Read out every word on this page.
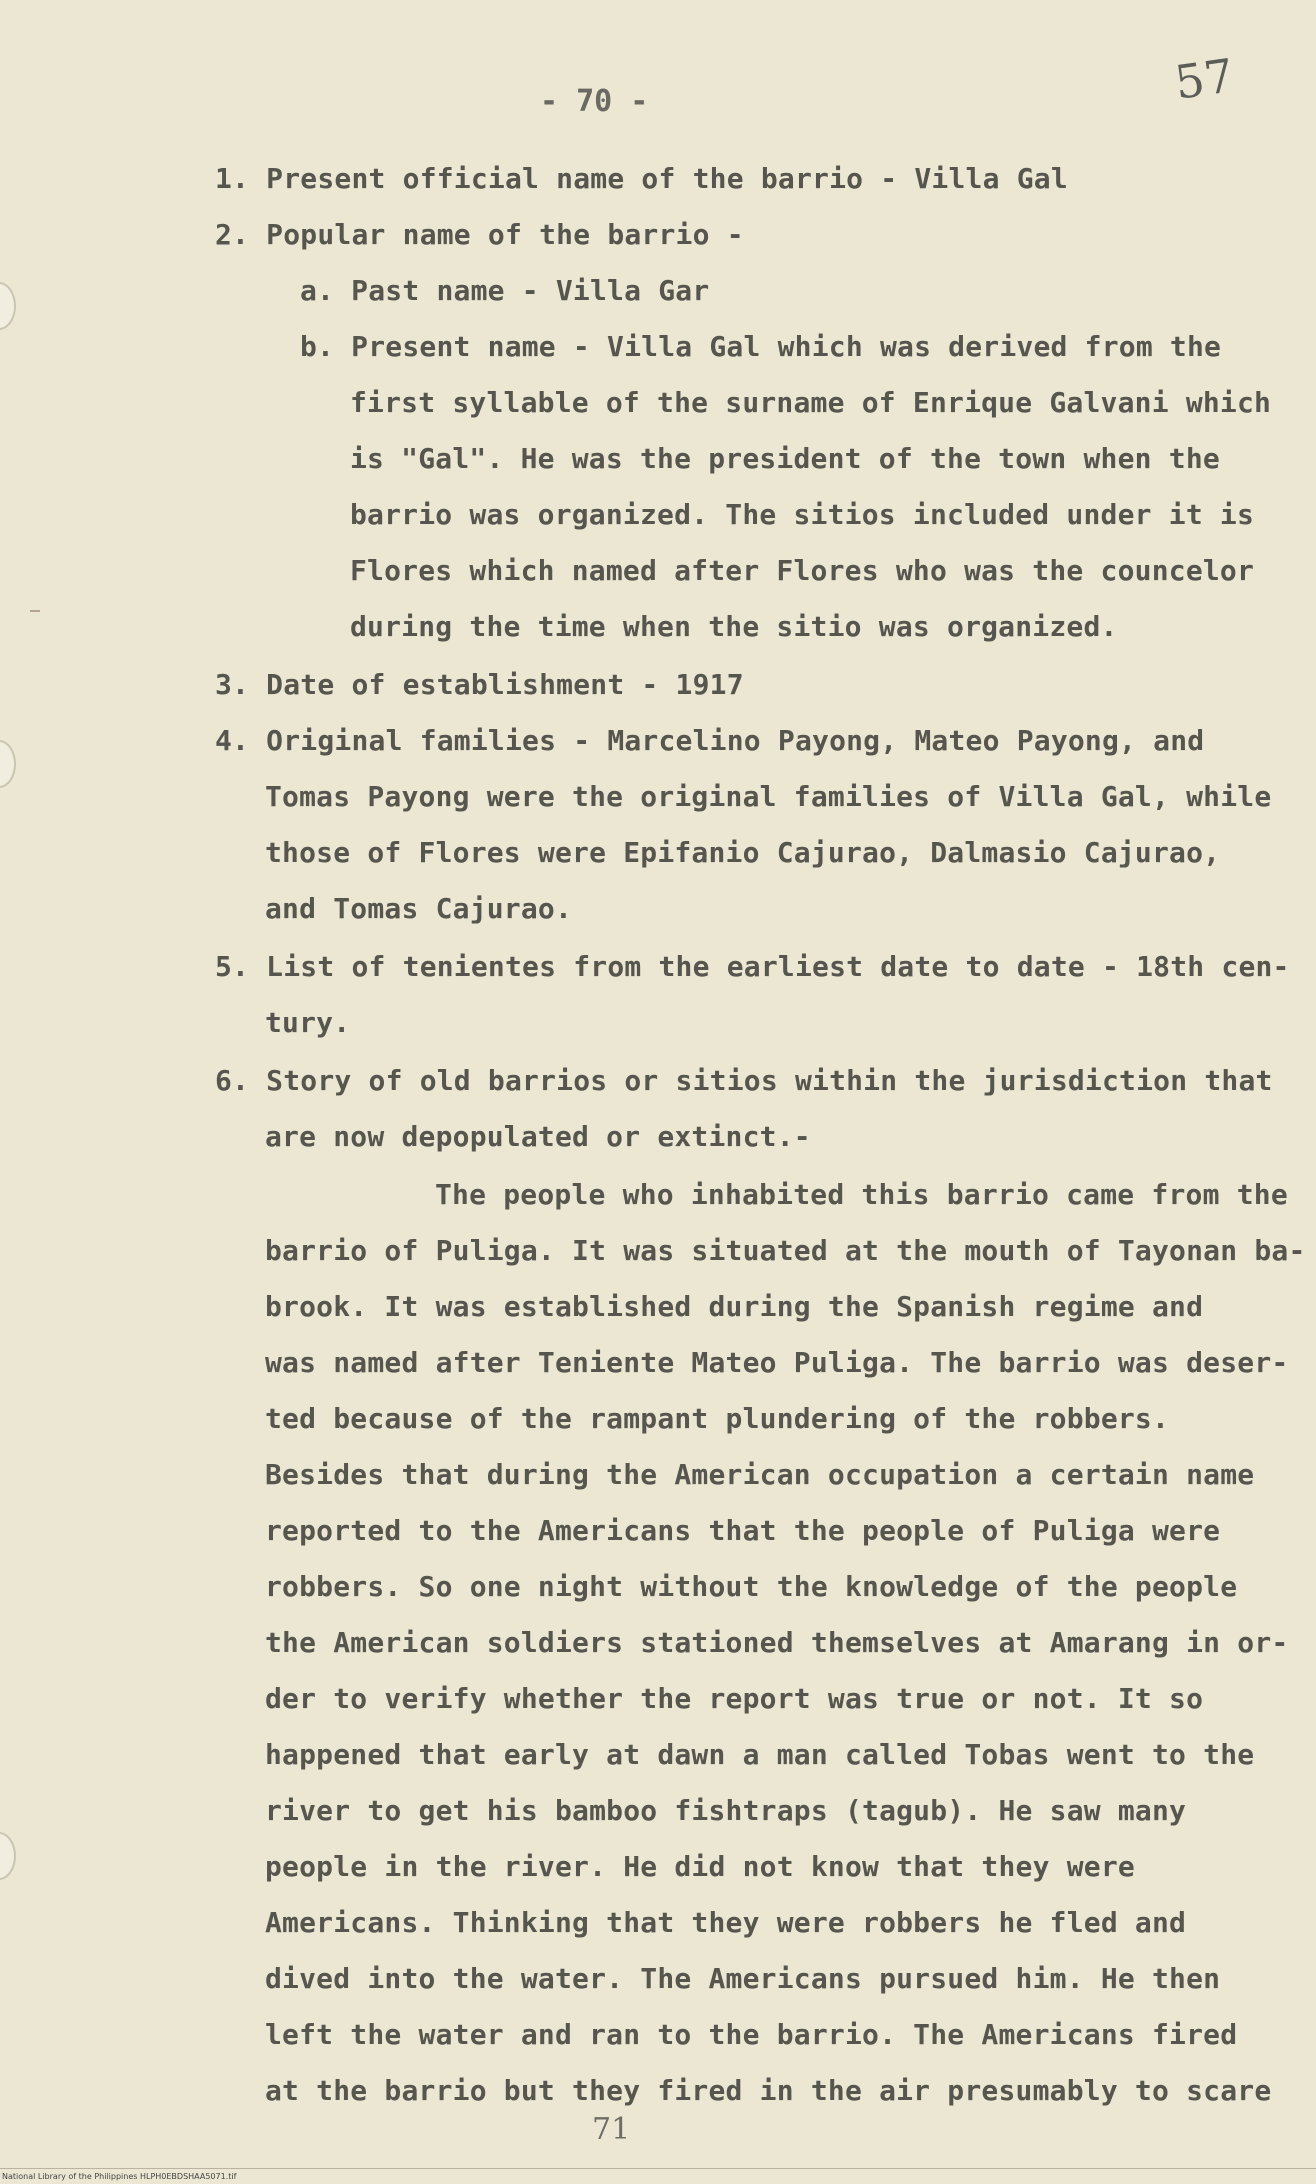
- 70 -	57
1. Present official name of the barrio - Villa Gal
2. Popular name of the barrio -
a. Past name - Villa Gar
b. Present name - Villa Gal which was derived from the
first syllable of the surname of Enrique Galvani which
is "Gal". He was the president of the town when the
barrio was organized. The sitios included under it is
Flores which named after Flores who was the councelor
during the time when the sitio was organized.
3. Date of establishment - 1917
4. Original families - Marcelino Payong, Mateo Payong, and
Tomas Payong were the original families of Villa Gal, while
those of Flores were Epifanio Cajurao, Dalmasio Cajurao,
and Tomas Cajurao.
5. List of tenientes from the earliest date to date - 18th cen-
tury.
6. Story of old barrios or sitios within the jurisdiction that
are now depopulated or extinct.-
The people who inhabited this barrio came from the
barrio of Puliga. It was situated at the mouth of Tayonan ba-
brook. It was established during the Spanish regime and
was named after Teniente Mateo Puliga. The barrio was deser-
ted because of the rampant plundering of the robbers.
Besides that during the American occupation a certain name
reported to the Americans that the people of Puliga were
robbers. So one night without the knowledge of the people
the American soldiers stationed themselves at Amarang in or-
der to verify whether the report was true or not. It so
happened that early at dawn a man called Tobas went to the
river to get his bamboo fishtraps (tagub). He saw many
people in the river. He did not know that they were
Americans. Thinking that they were robbers he fled and
dived into the water. The Americans pursued him. He then
left the water and ran to the barrio. The Americans fired
at the barrio but they fired in the air presumably to scare
71
National Library of the Philippines HLPH0EBDSHAA5071.tif
